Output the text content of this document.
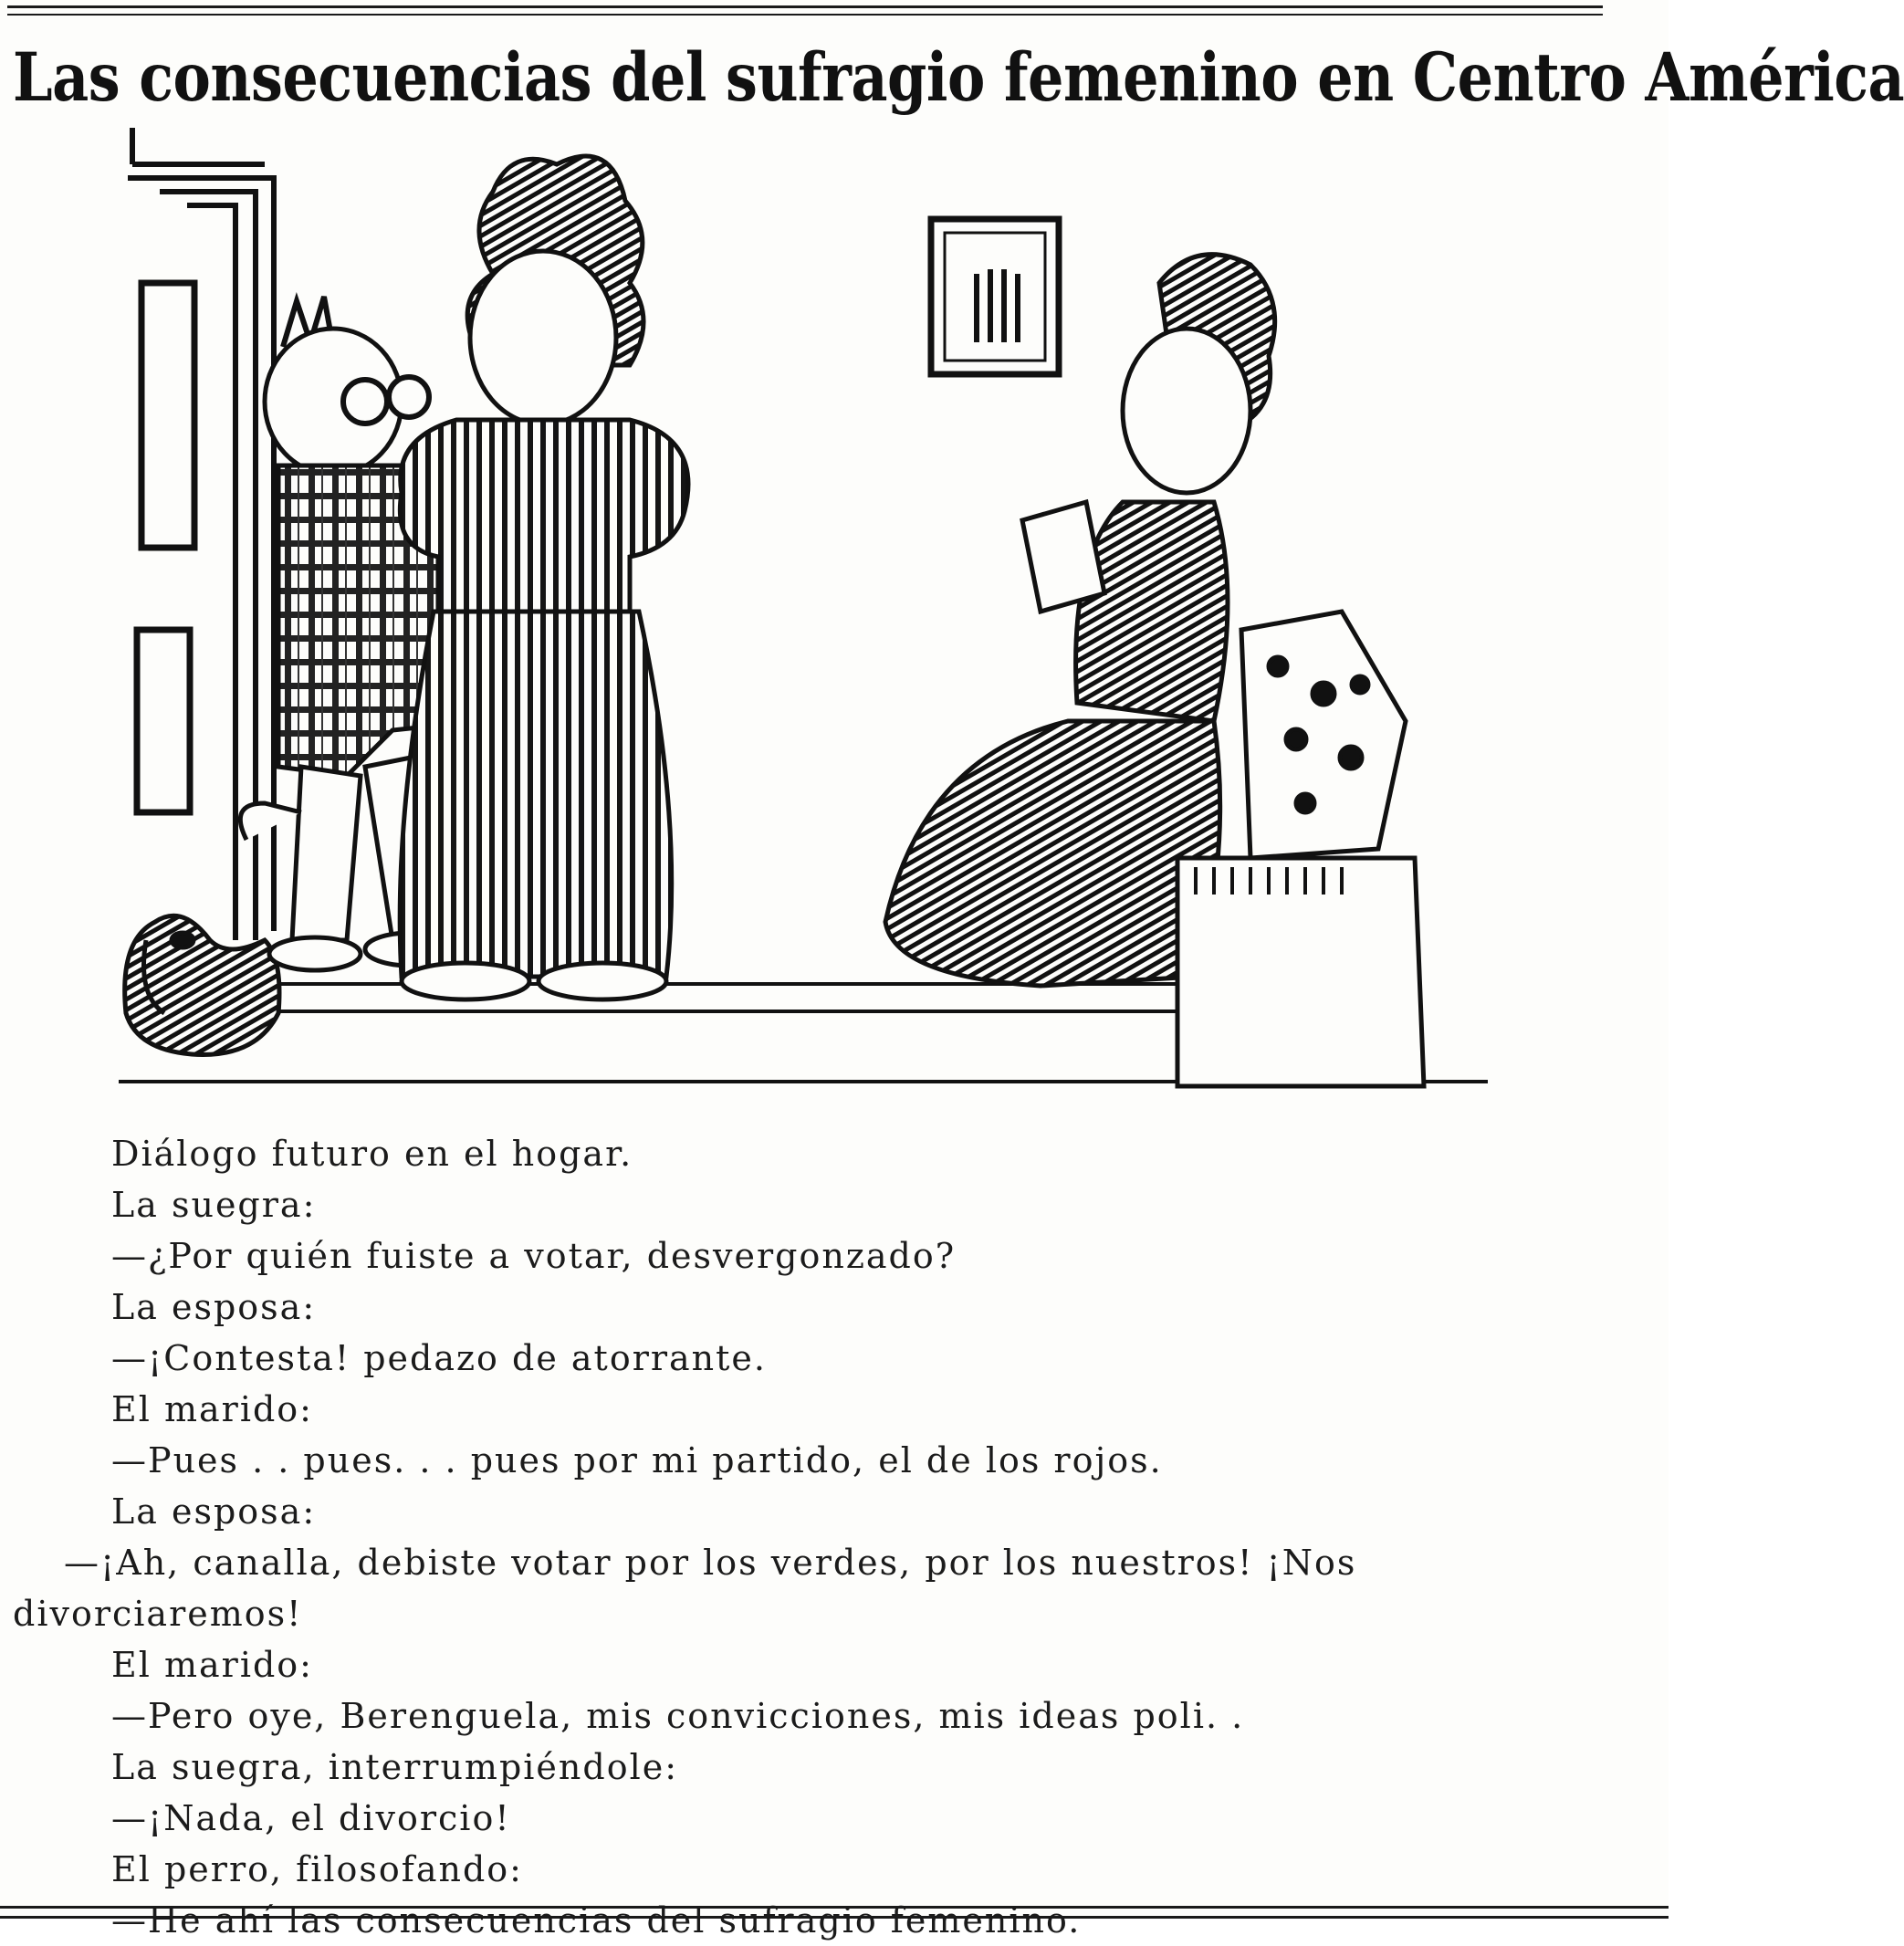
Las consecuencias del sufragio femenino en Centro América
Diálogo futuro en el hogar.
La suegra:
—¿Por quién fuiste a votar, desvergonzado?
La esposa:
—¡Contesta! pedazo de atorrante.
El marido:
—Pues . . pues. . . pues por mi partido, el de los rojos.
La esposa:
—¡Ah, canalla, debiste votar por los verdes, por los nuestros! ¡Nos
divorciaremos!
El marido:
—Pero oye, Berenguela, mis convicciones, mis ideas poli. .
La suegra, interrumpiéndole:
—¡Nada, el divorcio!
El perro, filosofando:
—He ahí las consecuencias del sufragio femenino.
